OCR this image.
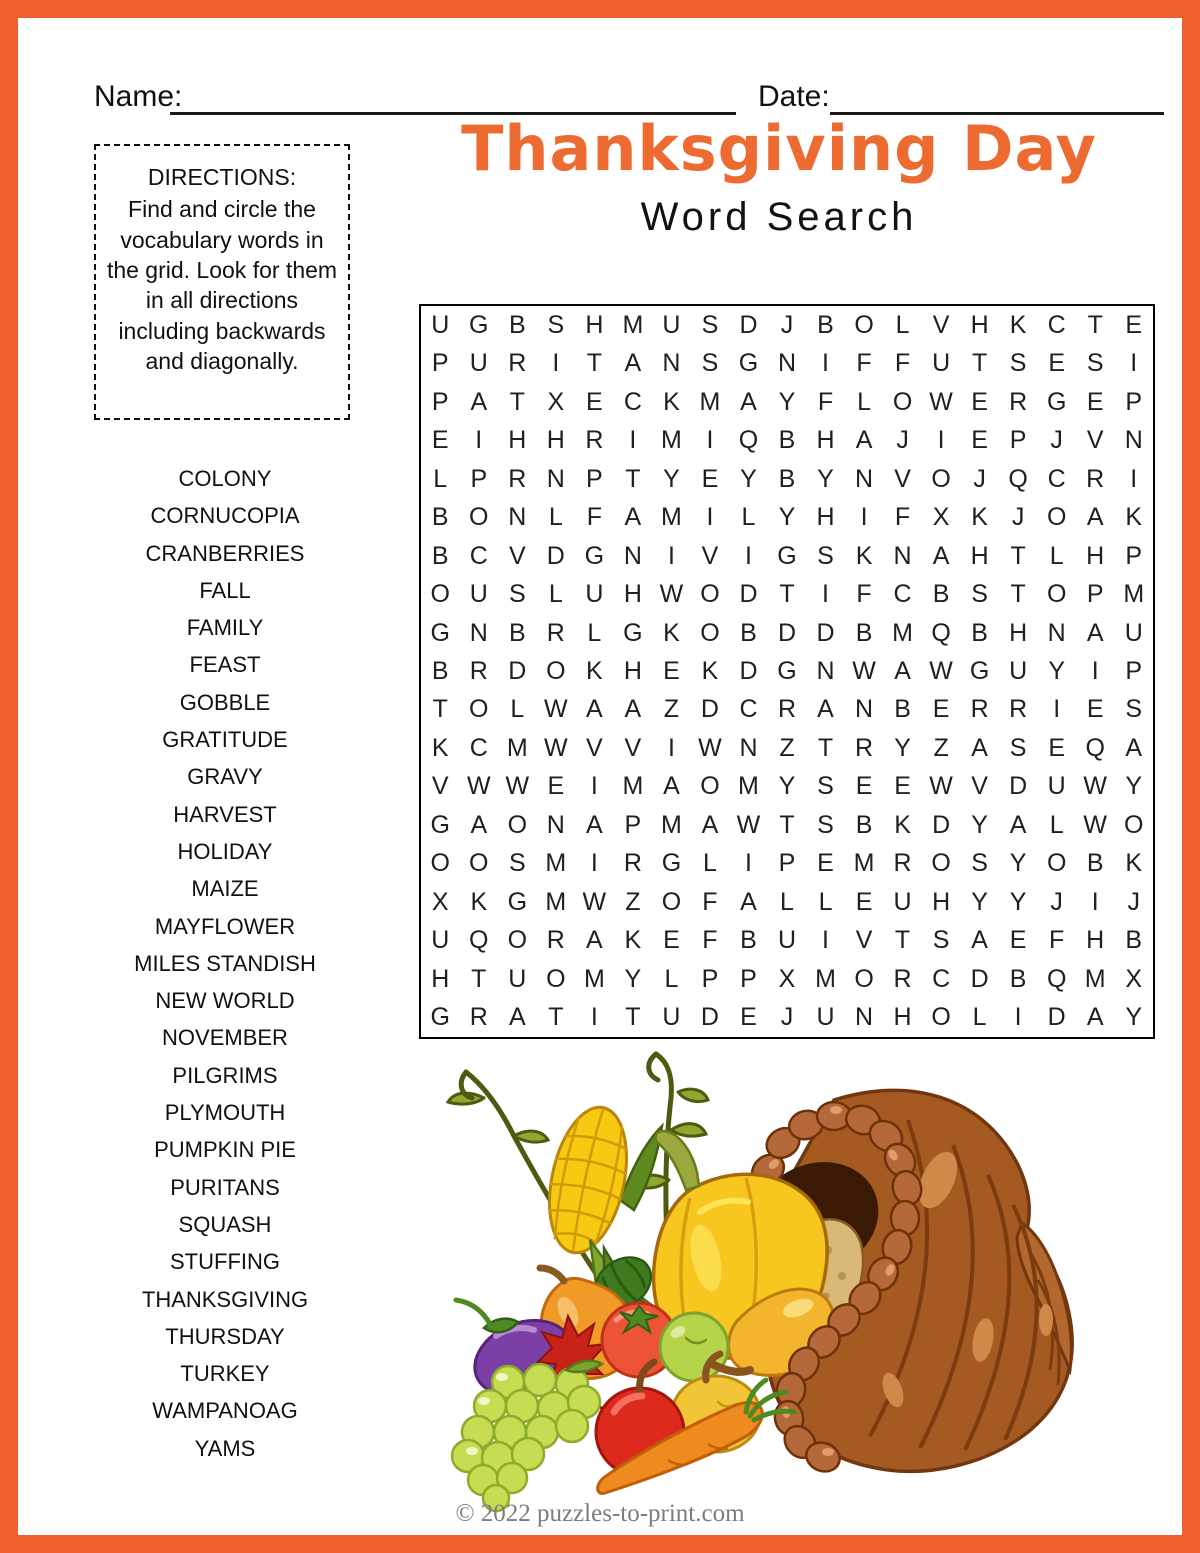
Name:	Date:
DIRECTIONS:
Find and circle the vocabulary words in the grid. Look for them in all directions including backwards and diagonally.
Thanksgiving Day
Word Search
COLONY
CORNUCOPIA
CRANBERRIES
FALL
FAMILY
FEAST
GOBBLE
GRATITUDE
GRAVY
HARVEST
HOLIDAY
MAIZE
MAYFLOWER
MILES STANDISH
NEW WORLD
NOVEMBER
PILGRIMS
PLYMOUTH
PUMPKIN PIE
PURITANS
SQUASH
STUFFING
THANKSGIVING
THURSDAY
TURKEY
WAMPANOAG
YAMS
U G B S H M U S D J B O L V H K C T E
P U R	I	T A N S G N	I	F F U T S E S	I
P A T X E C K M A Y F L O W E R G E P
E	I	H H R	I M I	Q B H A J	I	E P J V N
L P R N P T Y E Y B Y N V O J Q C R	I
B O N L F A M I	L Y H	I	F X K J O A K
B C V D G N	I	V	I	G S K N A H T L H P
O U S L U H W O D T	I	F C B S T O P M
G N B R L G K O B D D B M Q B H N A U
B R D O K H E K D G N W A W G U Y	I	P
T O L W A A Z D C R A N B E R R	I	E S
K C M W V V	I W N Z T R Y Z A S E Q A
V W W E	I M A O M Y S E E W V D U W Y
G A O N A P M A W T S B K D Y A L W O
O O S M I	R G L	I	P E M R O S Y O B K
X K G M W Z O F A L L E U H Y Y J	I	J
U Q O R A K E F B U	I	V T S A E F H B
H T U O M Y L P P X M O R C D B Q M X
G R A T	I	T U D E J U N H O L	I	D A Y
© 2022 puzzles-to-print.com
